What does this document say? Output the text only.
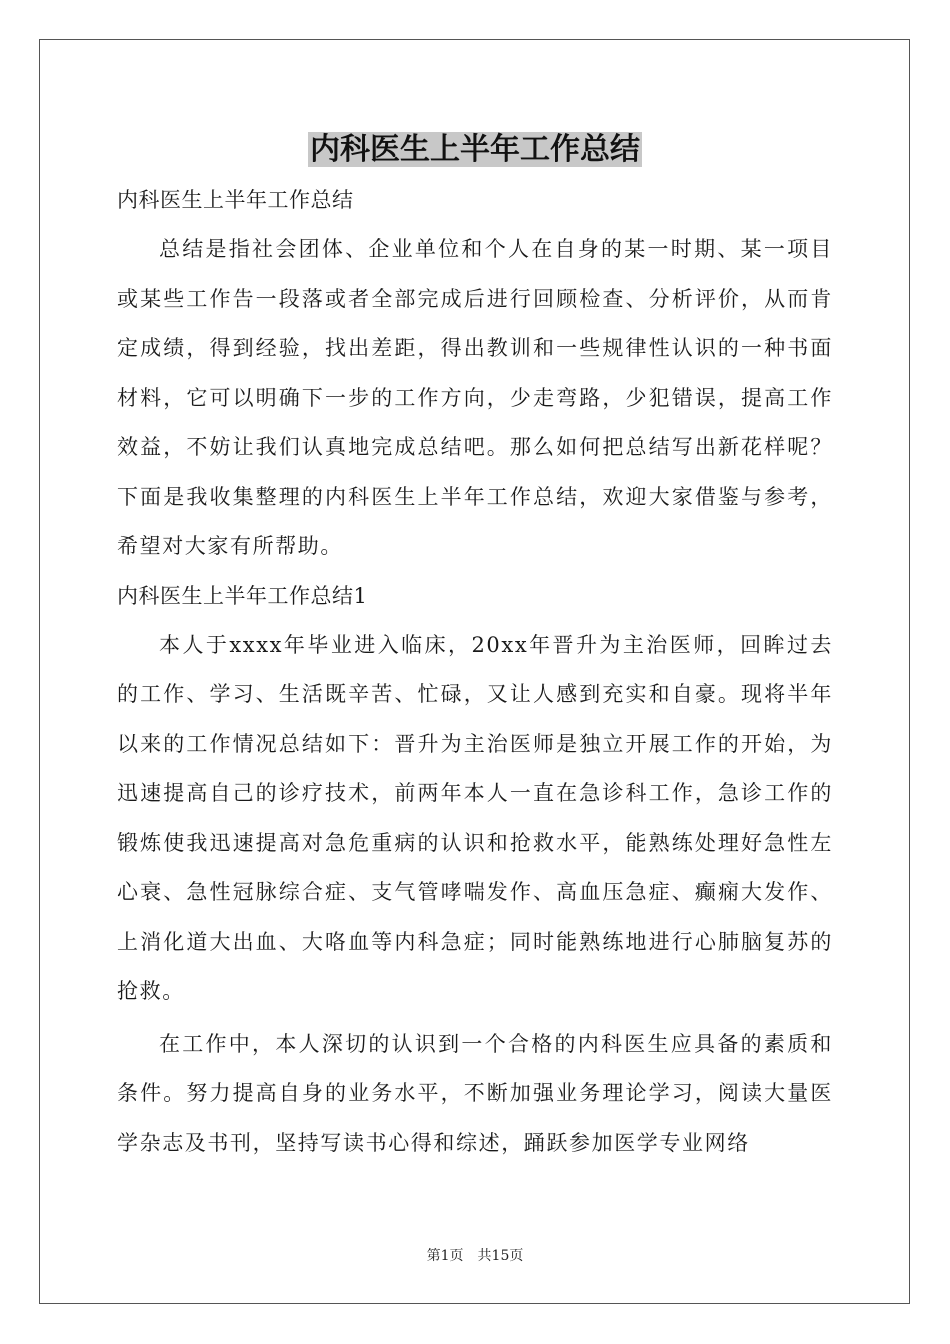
内科医生上半年工作总结

内科医生上半年工作总结

总结是指社会团体、企业单位和个人在自身的某一时期、某一项目或某些工作告一段落或者全部完成后进行回顾检查、分析评价，从而肯定成绩，得到经验，找出差距，得出教训和一些规律性认识的一种书面材料，它可以明确下一步的工作方向，少走弯路，少犯错误，提高工作效益，不妨让我们认真地完成总结吧。那么如何把总结写出新花样呢？下面是我收集整理的内科医生上半年工作总结，欢迎大家借鉴与参考，希望对大家有所帮助。

内科医生上半年工作总结1

本人于xxxx年毕业进入临床，20xx年晋升为主治医师，回眸过去的工作、学习、生活既辛苦、忙碌，又让人感到充实和自豪。现将半年以来的工作情况总结如下：晋升为主治医师是独立开展工作的开始，为迅速提高自己的诊疗技术，前两年本人一直在急诊科工作，急诊工作的锻炼使我迅速提高对急危重病的认识和抢救水平，能熟练处理好急性左心衰、急性冠脉综合症、支气管哮喘发作、高血压急症、癫痫大发作、上消化道大出血、大咯血等内科急症；同时能熟练地进行心肺脑复苏的抢救。

在工作中，本人深切的认识到一个合格的内科医生应具备的素质和条件。努力提高自身的业务水平，不断加强业务理论学习，阅读大量医学杂志及书刊，坚持写读书心得和综述，踊跃参加医学专业网络

第1页　共15页
